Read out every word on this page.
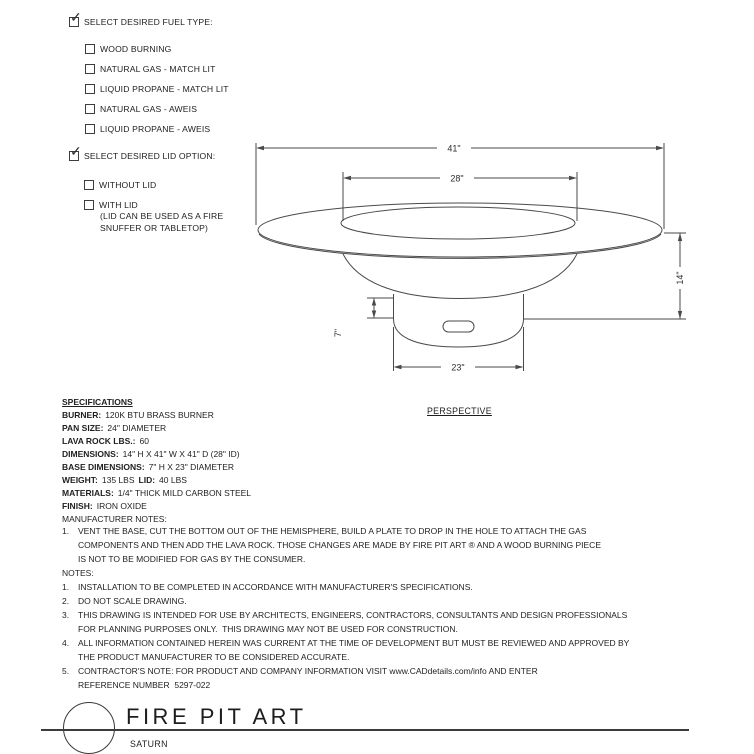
✓ SELECT DESIRED FUEL TYPE:
WOOD BURNING
NATURAL GAS - MATCH LIT
LIQUID PROPANE - MATCH LIT
NATURAL GAS - AWEIS
LIQUID PROPANE - AWEIS
✓ SELECT DESIRED LID OPTION:
WITHOUT LID
WITH LID
(LID CAN BE USED AS A FIRE
SNUFFER OR TABLETOP)
41"
28"
7"
23"
14"
PERSPECTIVE
SPECIFICATIONS
BURNER: 120K BTU BRASS BURNER
PAN SIZE: 24" DIAMETER
LAVA ROCK LBS.: 60
DIMENSIONS: 14" H X 41" W X 41" D (28" ID)
BASE DIMENSIONS: 7" H X 23" DIAMETER
WEIGHT: 135 LBS LID: 40 LBS
MATERIALS: 1/4" THICK MILD CARBON STEEL
FINISH: IRON OXIDE
MANUFACTURER NOTES:
1. VENT THE BASE, CUT THE BOTTOM OUT OF THE HEMISPHERE, BUILD A PLATE TO DROP IN THE HOLE TO ATTACH THE GAS
COMPONENTS AND THEN ADD THE LAVA ROCK. THOSE CHANGES ARE MADE BY FIRE PIT ART ® AND A WOOD BURNING PIECE
IS NOT TO BE MODIFIED FOR GAS BY THE CONSUMER.
NOTES:
1. INSTALLATION TO BE COMPLETED IN ACCORDANCE WITH MANUFACTURER'S SPECIFICATIONS.
2. DO NOT SCALE DRAWING.
3. THIS DRAWING IS INTENDED FOR USE BY ARCHITECTS, ENGINEERS, CONTRACTORS, CONSULTANTS AND DESIGN PROFESSIONALS
FOR PLANNING PURPOSES ONLY.  THIS DRAWING MAY NOT BE USED FOR CONSTRUCTION.
4. ALL INFORMATION CONTAINED HEREIN WAS CURRENT AT THE TIME OF DEVELOPMENT BUT MUST BE REVIEWED AND APPROVED BY
THE PRODUCT MANUFACTURER TO BE CONSIDERED ACCURATE.
5. CONTRACTOR'S NOTE: FOR PRODUCT AND COMPANY INFORMATION VISIT www.CADdetails.com/info AND ENTER
REFERENCE NUMBER  5297-022
FIRE PIT ART
SATURN
